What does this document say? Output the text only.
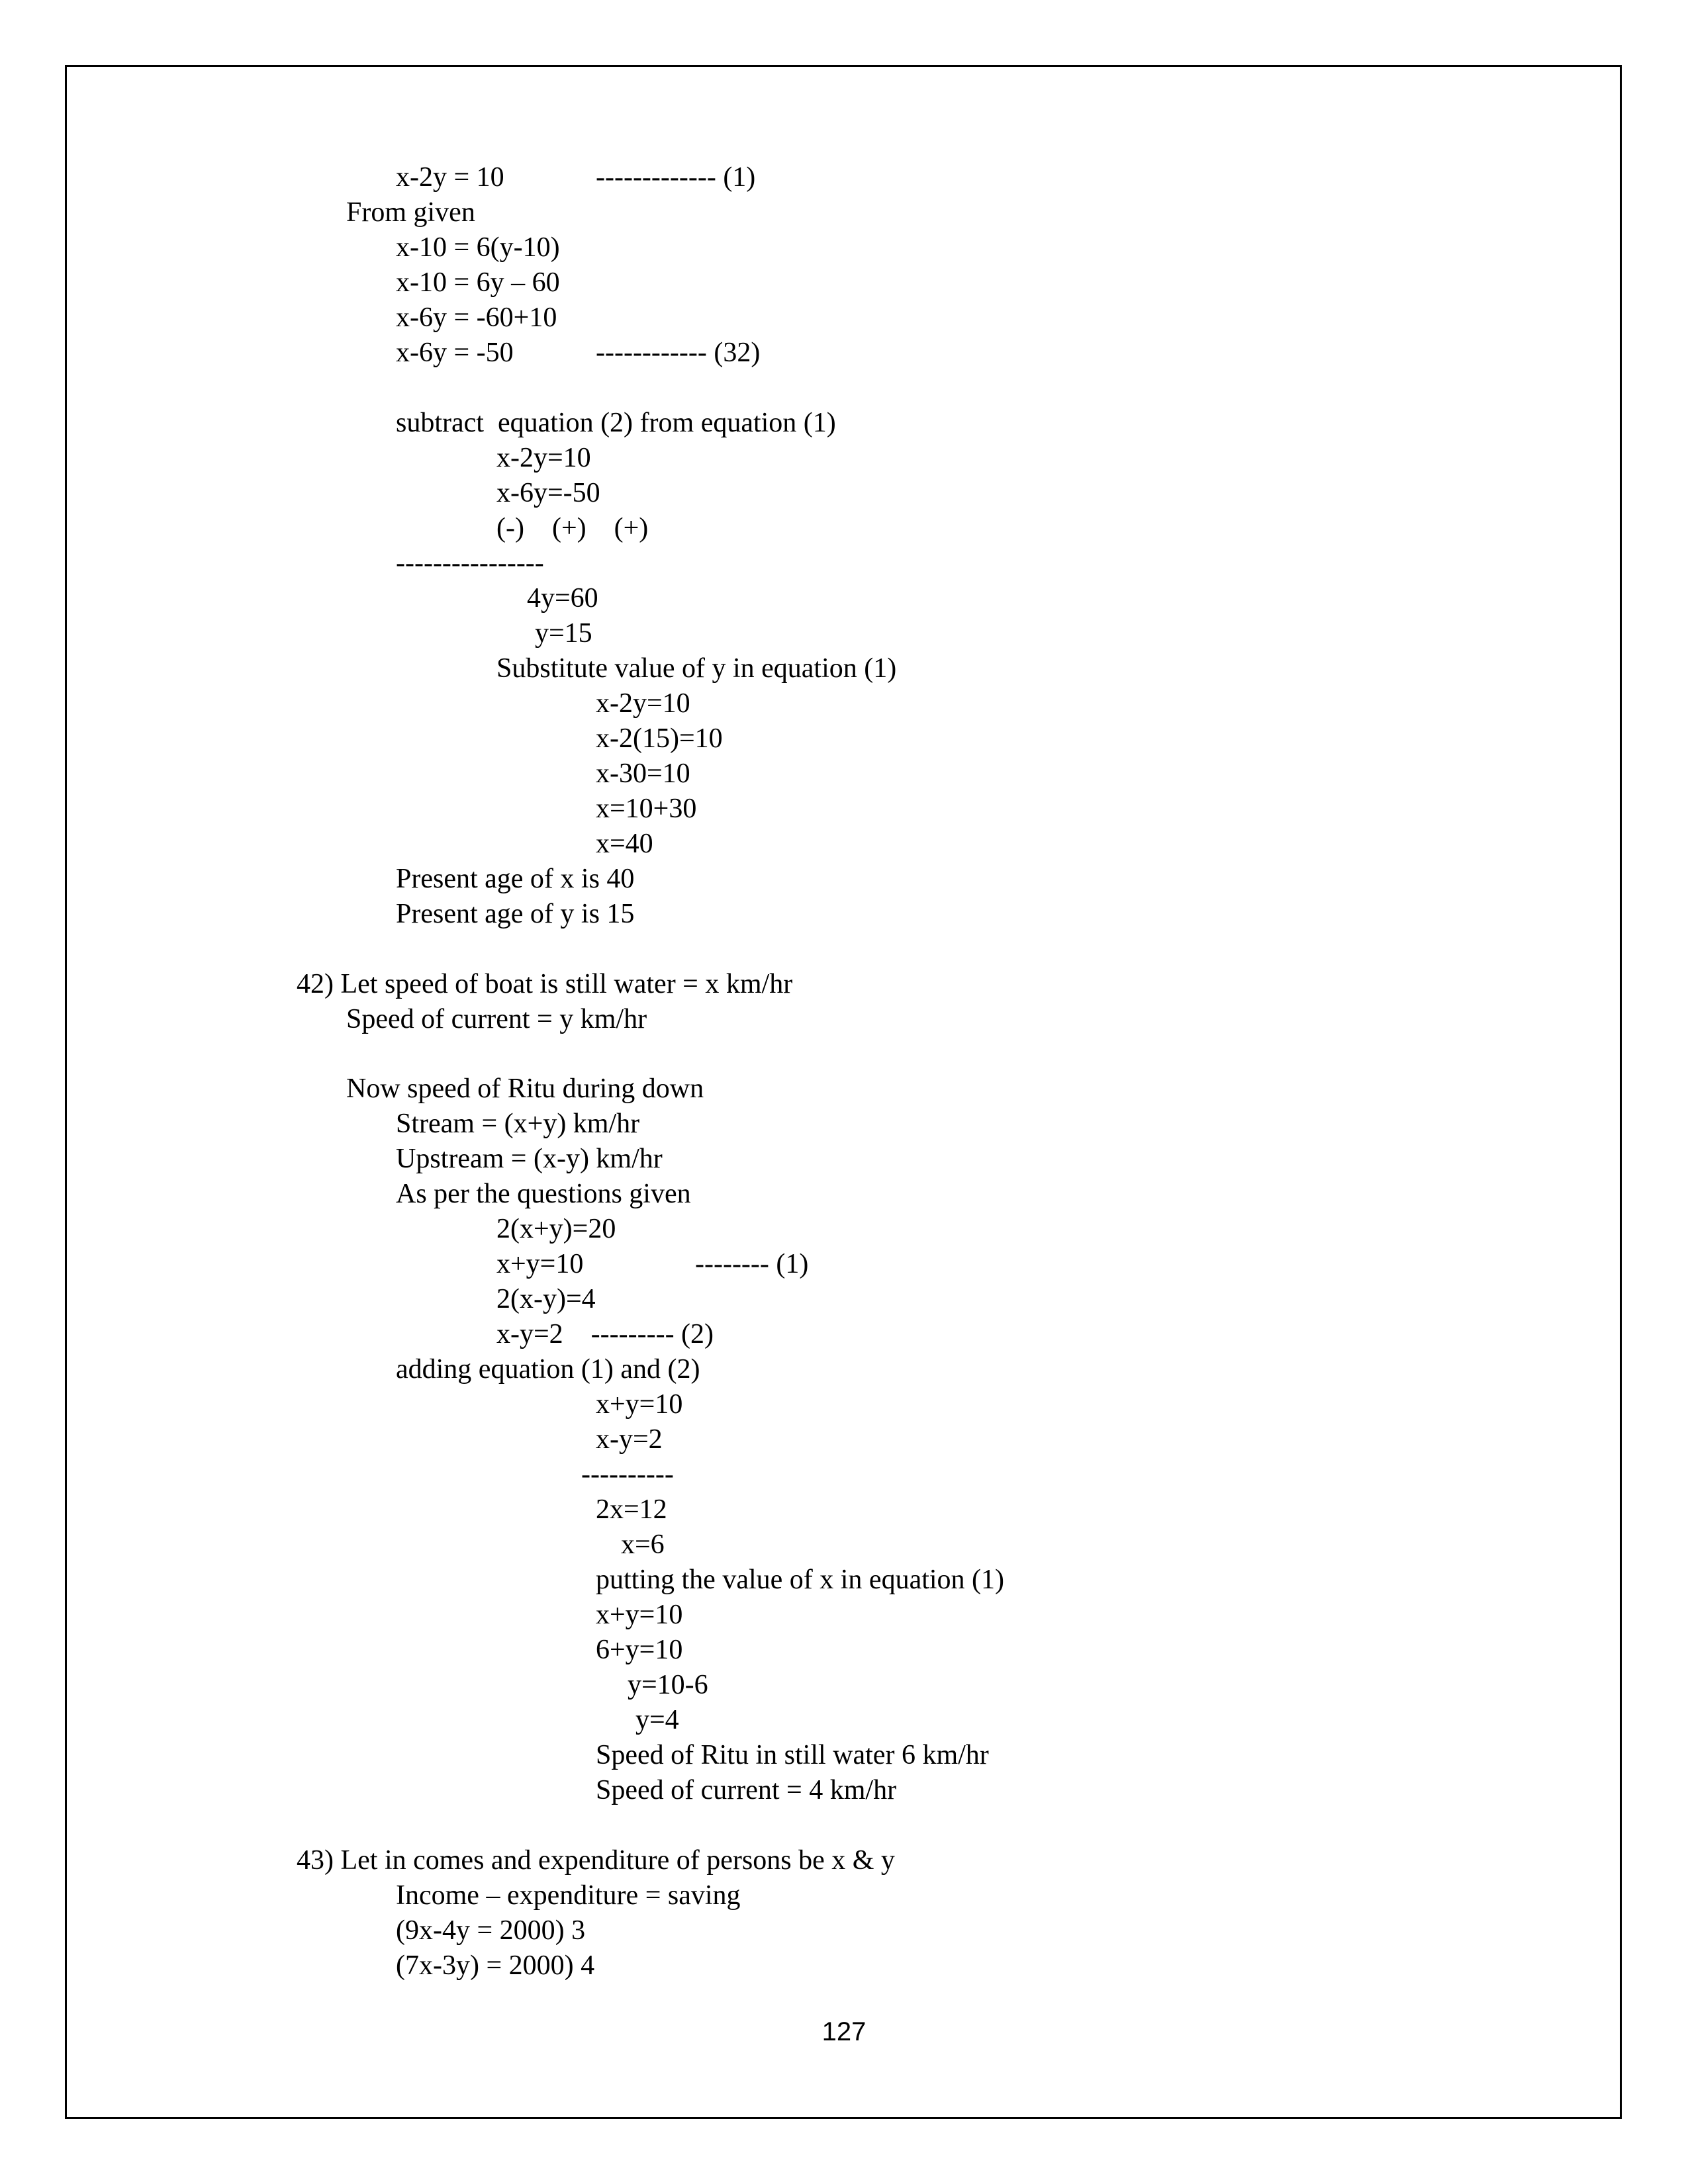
x-2y = 10	------------- (1)

From given

x-10 = 6(y-10)

x-10 = 6y – 60

x-6y = -60+10

x-6y = -50	------------ (32)

subtract  equation (2) from equation (1)

x-2y=10

x-6y=-50

(-)    (+)    (+)

----------------

4y=60

y=15

Substitute value of y in equation (1)

x-2y=10

x-2(15)=10

x-30=10

x=10+30

x=40

Present age of x is 40

Present age of y is 15

42) Let speed of boat is still water = x km/hr

Speed of current = y km/hr

Now speed of Ritu during down

Stream = (x+y) km/hr

Upstream = (x-y) km/hr

As per the questions given

2(x+y)=20

x+y=10	-------- (1)

2(x-y)=4

x-y=2    --------- (2)

adding equation (1) and (2)

x+y=10

x-y=2

----------

2x=12

x=6

putting the value of x in equation (1)

x+y=10

6+y=10

y=10-6

y=4

Speed of Ritu in still water 6 km/hr

Speed of current = 4 km/hr

43) Let in comes and expenditure of persons be x & y

Income – expenditure = saving

(9x-4y = 2000) 3

(7x-3y) = 2000) 4

127
